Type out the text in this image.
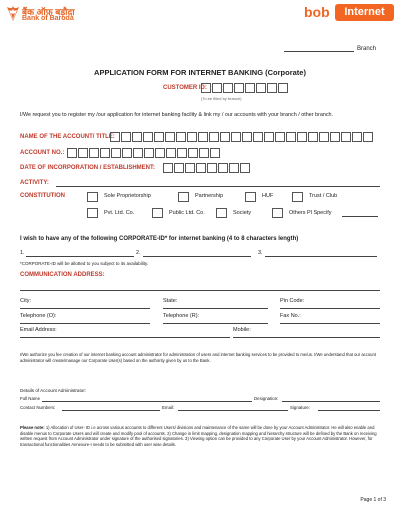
बैंक ऑफ़ बड़ौदा
Bank of Baroda	bob	Internet
Branch
APPLICATION FORM FOR INTERNET BANKING (Corporate)
CUSTOMER ID:
(To be filled by branch)
I/We request you to register my /our application for internet banking facility & link my / our accounts with your branch / other branch.
NAME OF THE ACCOUNT/ TITLE:
ACCOUNT NO.:
DATE OF INCORPORATION / ESTABLISHMENT:
ACTIVITY:
CONSTITUTION	Sole Proprietorship	Partnership	HUF	Trust / Club
Pvt. Ltd. Co.	Public Ltd. Co.	Society	Others Pl Specify
I wish to have any of the following CORPORATE-ID* for internet banking (4 to 8 characters length)
1.	2.	3.
*CORPORATE-ID will be allotted to you subject to its availability.
COMMUNICATION ADDRESS:
City:	State:	Pin Code:
Telephone (O):	Telephone (R):	Fax No.:
Email Address:	Mobile:
I/We authorize you fee creation of our internet banking account administrator for administration of users and internet banking services to be provided to me/us. I/We understand that our account administrator will create/manage our Corporate User(s) based on the authority given by us to the Bank.
Details of Account Administrator:
Full Name	Designation:
Contact Numbers:	Email:	Signature:
Please note: 1) Allocation of User- ID i.e across various accounts to different Users/ divisions and maintenance of the same will be done by your Account Administrator. He will also enable and disable menus to Corporate Users and will create and modify pool of accounts. 2) Change in limit mapping, designation mapping and hierarchy structure will be defined by the Bank on receiving written request from Account Administrator under signature of the authorised signatories. 3) Viewing option can be provided to any Corporate User by your Account Administrator. However, for transactional functionalities Annexure-I needs to be submitted with user wise details.
Page 1 of 3
